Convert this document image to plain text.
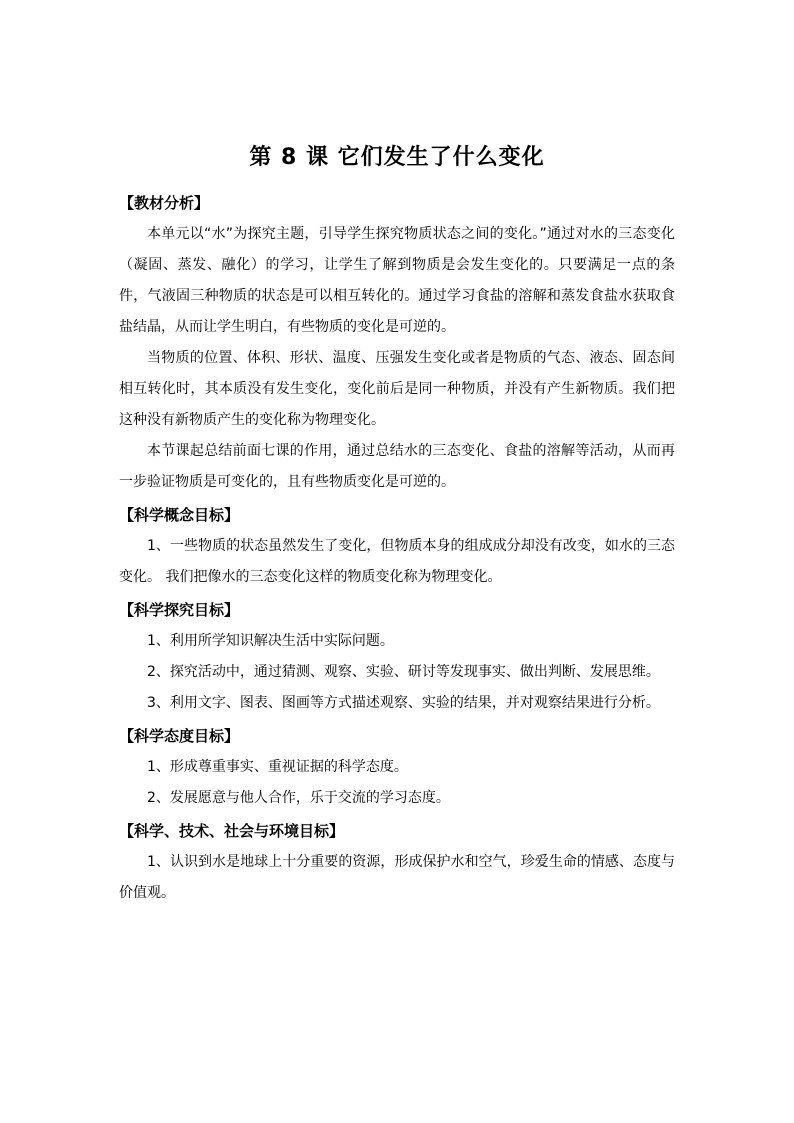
第 8 课 它们发生了什么变化
【教材分析】

本单元以“水”为探究主题，引导学生探究物质状态之间的变化。”通过对水的三态变化（凝固、蒸发、融化）的学习，让学生了解到物质是会发生变化的。只要满足一点的条件，气液固三种物质的状态是可以相互转化的。通过学习食盐的溶解和蒸发食盐水获取食盐结晶，从而让学生明白，有些物质的变化是可逆的。

当物质的位置、体积、形状、温度、压强发生变化或者是物质的气态、液态、固态间相互转化时，其本质没有发生变化，变化前后是同一种物质，并没有产生新物质。我们把这种没有新物质产生的变化称为物理变化。

本节课起总结前面七课的作用，通过总结水的三态变化、食盐的溶解等活动，从而再一步验证物质是可变化的，且有些物质变化是可逆的。

【科学概念目标】

1、一些物质的状态虽然发生了变化，但物质本身的组成成分却没有改变，如水的三态变化。 我们把像水的三态变化这样的物质变化称为物理变化。

【科学探究目标】

1、利用所学知识解决生活中实际问题。

2、探究活动中，通过猜测、观察、实验、研讨等发现事实、做出判断、发展思维。

3、利用文字、图表、图画等方式描述观察、实验的结果，并对观察结果进行分析。

【科学态度目标】

1、形成尊重事实、重视证据的科学态度。

2、发展愿意与他人合作，乐于交流的学习态度。

【科学、技术、社会与环境目标】

1、认识到水是地球上十分重要的资源，形成保护水和空气，珍爱生命的情感、态度与价值观。
